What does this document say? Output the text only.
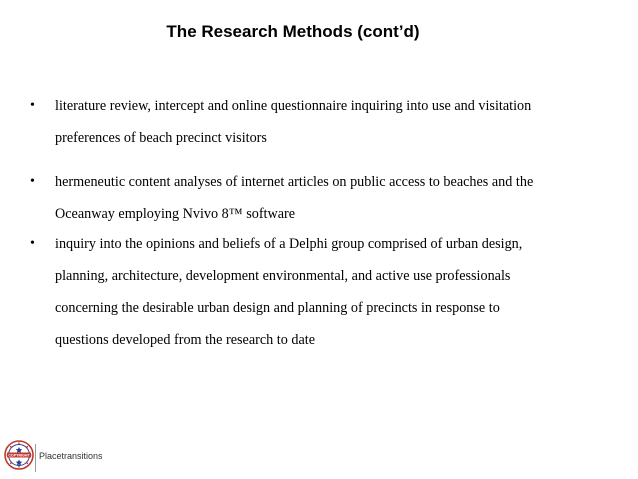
The Research Methods (cont’d)
• literature review, intercept and online questionnaire inquiring into use and visitation
preferences of beach precinct visitors
• hermeneutic content analyses of internet articles on public access to beaches and the
Oceanway employing Nvivo 8™ software
• inquiry into the opinions and beliefs of a Delphi group comprised of urban design,
planning, architecture, development environmental, and active use professionals
concerning the desirable urban design and planning of precincts in response to
questions developed from the research to date
COPYRIGHT Placetransitions
